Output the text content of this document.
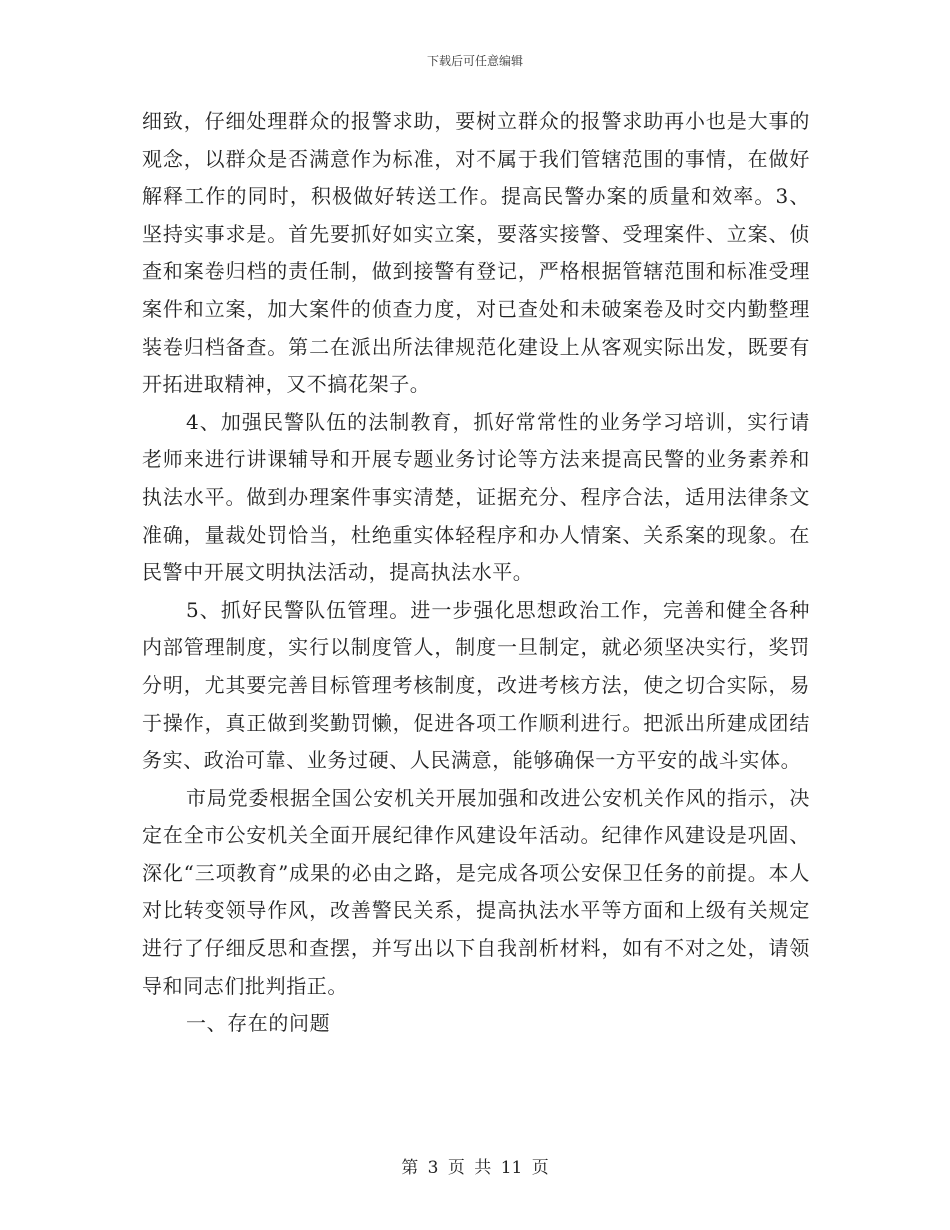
下载后可任意编辑

细致，仔细处理群众的报警求助，要树立群众的报警求助再小也是大事的观念，以群众是否满意作为标准，对不属于我们管辖范围的事情，在做好解释工作的同时，积极做好转送工作。提高民警办案的质量和效率。3、坚持实事求是。首先要抓好如实立案，要落实接警、受理案件、立案、侦查和案卷归档的责任制，做到接警有登记，严格根据管辖范围和标准受理案件和立案，加大案件的侦查力度，对已查处和未破案卷及时交内勤整理装卷归档备查。第二在派出所法律规范化建设上从客观实际出发，既要有开拓进取精神，又不搞花架子。

4、加强民警队伍的法制教育，抓好常常性的业务学习培训，实行请老师来进行讲课辅导和开展专题业务讨论等方法来提高民警的业务素养和执法水平。做到办理案件事实清楚，证据充分、程序合法，适用法律条文准确，量裁处罚恰当，杜绝重实体轻程序和办人情案、关系案的现象。在民警中开展文明执法活动，提高执法水平。

5、抓好民警队伍管理。进一步强化思想政治工作，完善和健全各种内部管理制度，实行以制度管人，制度一旦制定，就必须坚决实行，奖罚分明，尤其要完善目标管理考核制度，改进考核方法，使之切合实际，易于操作，真正做到奖勤罚懒，促进各项工作顺利进行。把派出所建成团结务实、政治可靠、业务过硬、人民满意，能够确保一方平安的战斗实体。

市局党委根据全国公安机关开展加强和改进公安机关作风的指示，决定在全市公安机关全面开展纪律作风建设年活动。纪律作风建设是巩固、深化“三项教育”成果的必由之路，是完成各项公安保卫任务的前提。本人对比转变领导作风，改善警民关系，提高执法水平等方面和上级有关规定进行了仔细反思和查摆，并写出以下自我剖析材料，如有不对之处，请领导和同志们批判指正。

一、存在的问题

第 3 页 共 11 页
